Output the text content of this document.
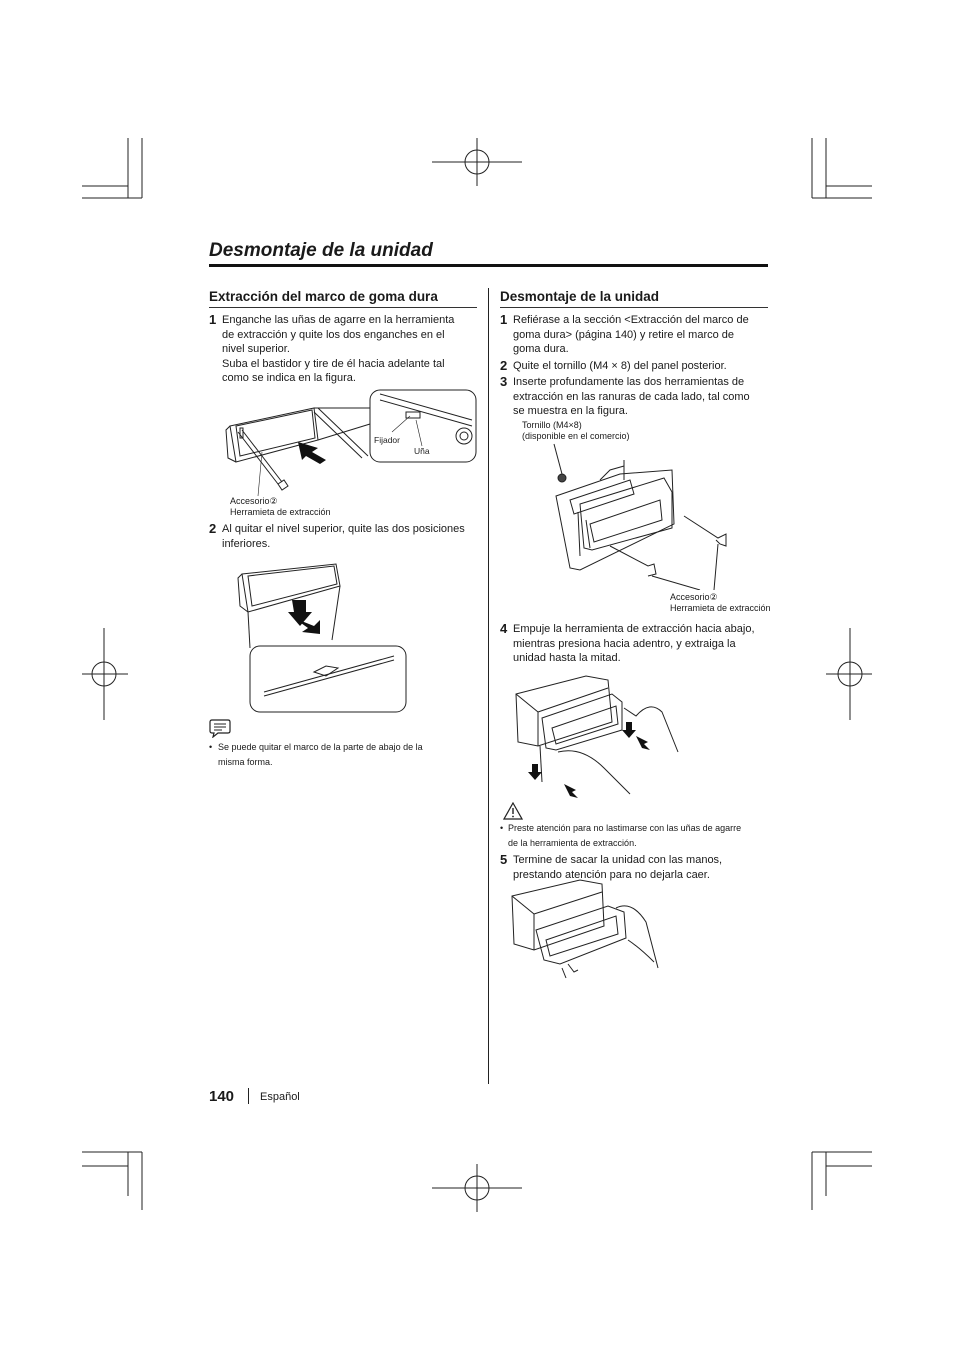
Desmontaje de la unidad
Extracción del marco de goma dura
1 Enganche las uñas de agarre en la herramienta

de extracción y quite los dos enganches en el

nivel superior.

Suba el bastidor y tire de él hacia adelante tal

como se indica en la figura.

Fijador
Uña
Accesorio②
Herramieta de extracción
2 Al quitar el nivel superior, quite las dos posiciones

inferiores.

• Se puede quitar el marco de la parte de abajo de la
misma forma.
Desmontaje de la unidad
1 Refiérase a la sección <Extracción del marco de

goma dura> (página 140) y retire el marco de

goma dura.

2 Quite el tornillo (M4 × 8) del panel posterior.

3 Inserte profundamente las dos herramientas de

extracción en las ranuras de cada lado, tal como

se muestra en la figura.

Tornillo (M4×8)
(disponible en el comercio)
Accesorio②
Herramieta de extracción
4 Empuje la herramienta de extracción hacia abajo,

mientras presiona hacia adentro, y extraiga la

unidad hasta la mitad.

• Preste atención para no lastimarse con las uñas de agarre
de la herramienta de extracción.
5 Termine de sacar la unidad con las manos,

prestando atención para no dejarla caer.

140 Español
